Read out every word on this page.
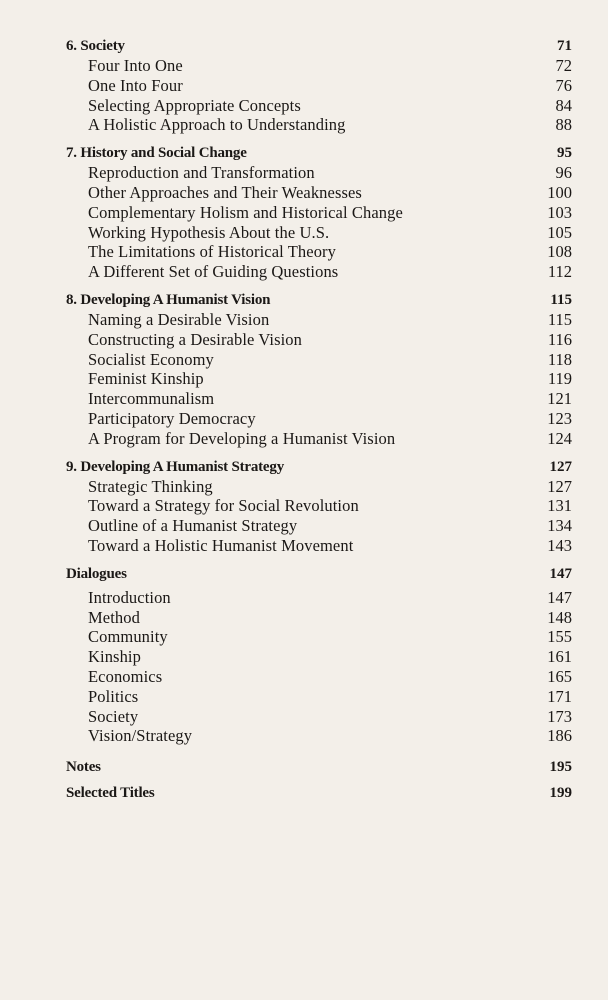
6. Society	71
Four Into One	72
One Into Four	76
Selecting Appropriate Concepts	84
A Holistic Approach to Understanding	88
7. History and Social Change	95
Reproduction and Transformation	96
Other Approaches and Their Weaknesses	100
Complementary Holism and Historical Change	103
Working Hypothesis About the U.S.	105
The Limitations of Historical Theory	108
A Different Set of Guiding Questions	112
8. Developing A Humanist Vision	115
Naming a Desirable Vision	115
Constructing a Desirable Vision	116
Socialist Economy	118
Feminist Kinship	119
Intercommunalism	121
Participatory Democracy	123
A Program for Developing a Humanist Vision	124
9. Developing A Humanist Strategy	127
Strategic Thinking	127
Toward a Strategy for Social Revolution	131
Outline of a Humanist Strategy	134
Toward a Holistic Humanist Movement	143
Dialogues	147
Introduction	147
Method	148
Community	155
Kinship	161
Economics	165
Politics	171
Society	173
Vision/Strategy	186
Notes	195
Selected Titles	199
